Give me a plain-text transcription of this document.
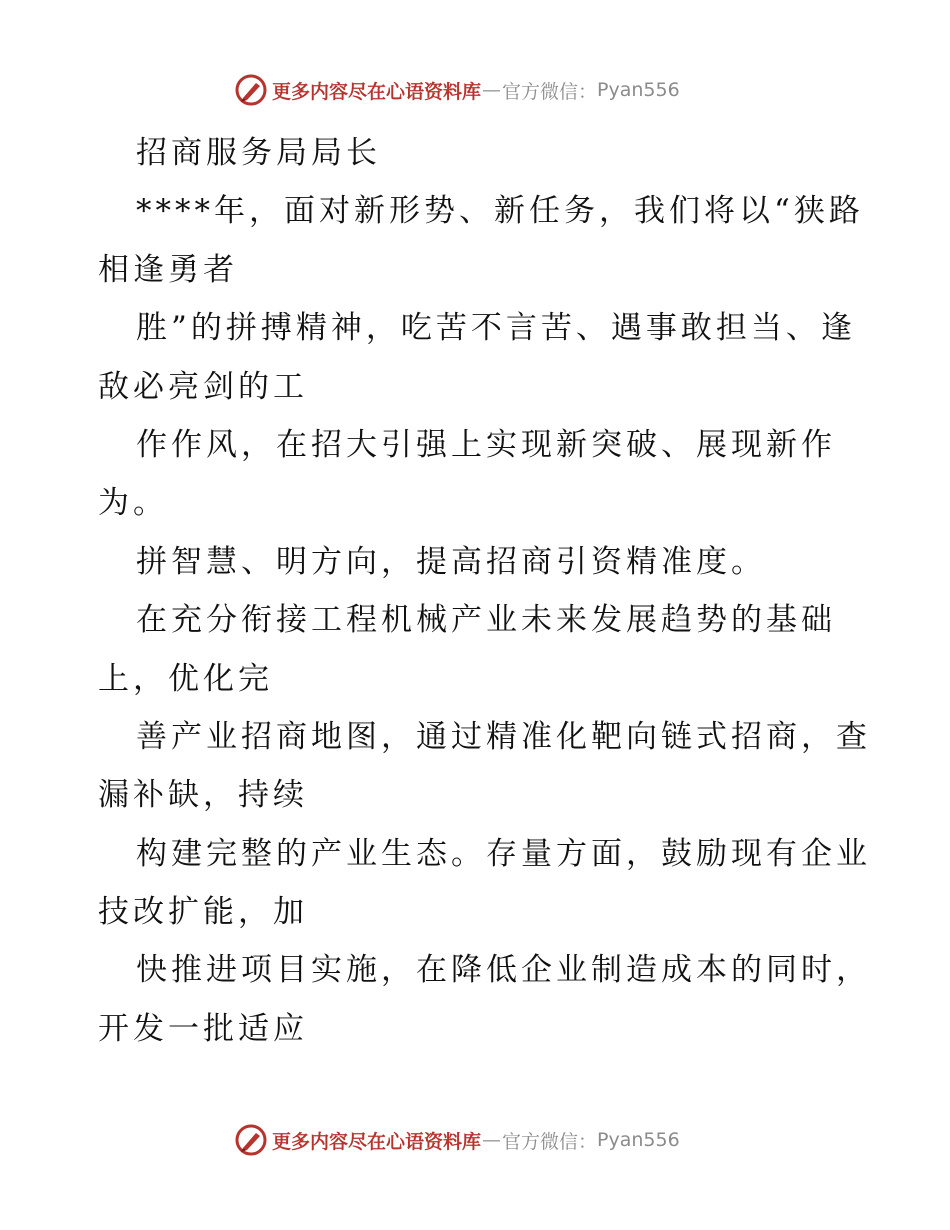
更多内容尽在心语资料库 — 官方微信： Pyan556
招商服务局局长
****年，面对新形势、新任务，我们将以“狭路
相逢勇者
胜”的拼搏精神，吃苦不言苦、遇事敢担当、逢
敌必亮剑的工
作作风，在招大引强上实现新突破、展现新作
为。
拼智慧、明方向，提高招商引资精准度。
在充分衔接工程机械产业未来发展趋势的基础
上，优化完
善产业招商地图，通过精准化靶向链式招商，查
漏补缺，持续
构建完整的产业生态。存量方面，鼓励现有企业
技改扩能，加
快推进项目实施，在降低企业制造成本的同时，
开发一批适应
更多内容尽在心语资料库 — 官方微信： Pyan556
